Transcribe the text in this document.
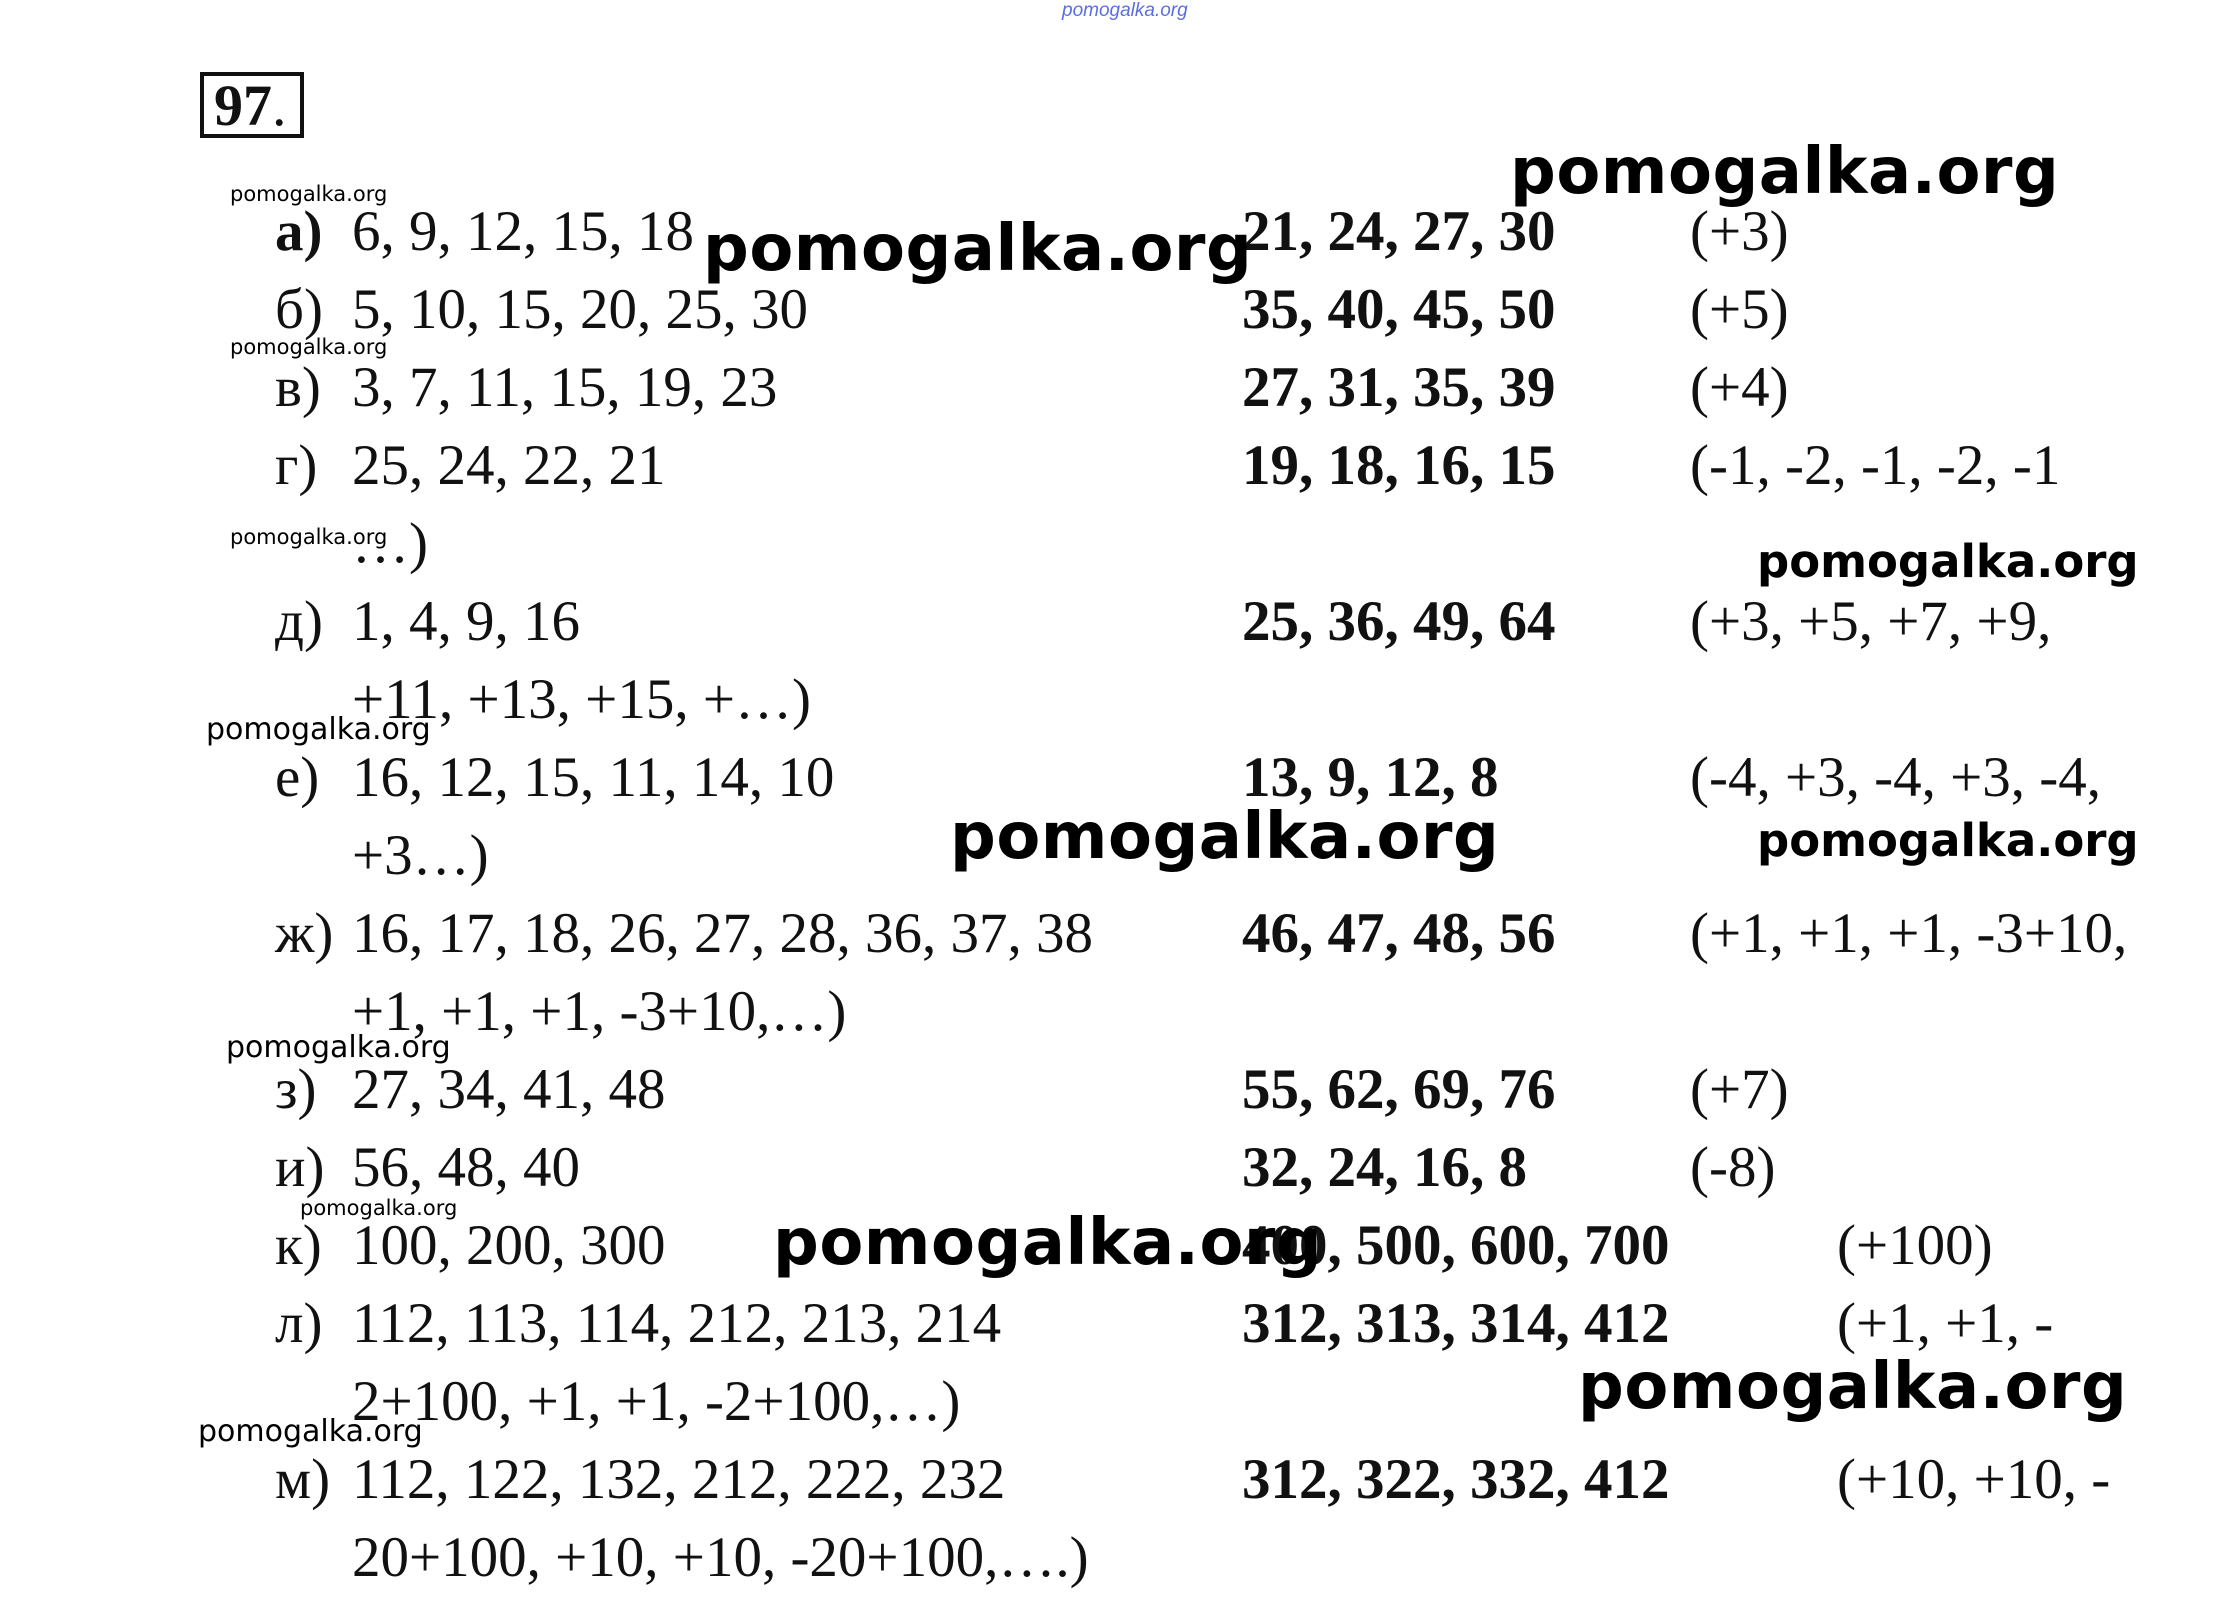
pomogalka.org
97.
а) 6, 9, 12, 15, 18	21, 24, 27, 30 (+3)
б) 5, 10, 15, 20, 25, 30	35, 40, 45, 50 (+5)
в) 3, 7, 11, 15, 19, 23	27, 31, 35, 39 (+4)
г) 25, 24, 22, 21	19, 18, 16, 15 (-1, -2, -1, -2, -1
…)
д) 1, 4, 9, 16	25, 36, 49, 64 (+3, +5, +7, +9,
+11, +13, +15, +…)
е) 16, 12, 15, 11, 14, 10	13, 9, 12, 8	(-4, +3, -4, +3, -4,
+3…)
ж) 16, 17, 18, 26, 27, 28, 36, 37, 38	46, 47, 48, 56 (+1, +1, +1, -3+10,
+1, +1, +1, -3+10,…)
з) 27, 34, 41, 48	55, 62, 69, 76 (+7)
и) 56, 48, 40	32, 24, 16, 8	(-8)
к) 100, 200, 300	400, 500, 600, 700	(+100)
л) 112, 113, 114, 212, 213, 214	312, 313, 314, 412	(+1, +1, -
2+100, +1, +1, -2+100,…)
м) 112, 122, 132, 212, 222, 232	312, 322, 332, 412	(+10, +10, -
20+100, +10, +10, -20+100,….)
pomogalka.org
pomogalka.org
pomogalka.org
pomogalka.org
pomogalka.org	pomogalka.org
pomogalka.org
pomogalka.org	pomogalka.org
pomogalka.org
pomogalka.org	pomogalka.org
pomogalka.org
pomogalka.org
